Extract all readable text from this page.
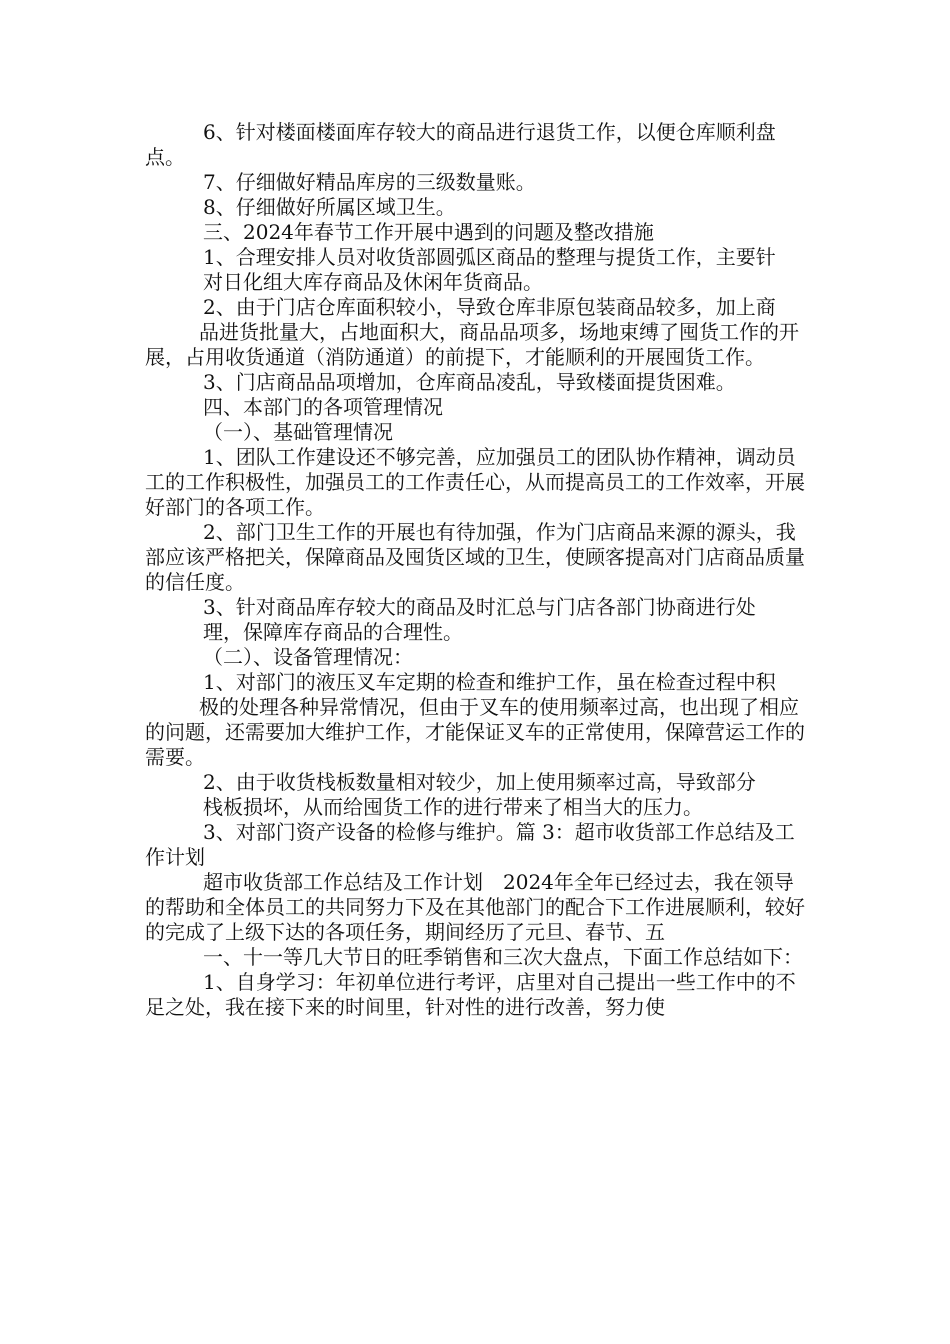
6、针对楼面楼面库存较大的商品进行退货工作，以便仓库顺利盘点。

7、仔细做好精品库房的三级数量账。

8、仔细做好所属区域卫生。

三、2024年春节工作开展中遇到的问题及整改措施

1、合理安排人员对收货部圆弧区商品的整理与提货工作，主要针

对日化组大库存商品及休闲年货商品。

2、由于门店仓库面积较小，导致仓库非原包装商品较多，加上商

品进货批量大，占地面积大，商品品项多，场地束缚了囤货工作的开展，占用收货通道（消防通道）的前提下，才能顺利的开展囤货工作。

3、门店商品品项增加，仓库商品凌乱，导致楼面提货困难。

四、本部门的各项管理情况

（一）、基础管理情况

1、团队工作建设还不够完善，应加强员工的团队协作精神，调动员工的工作积极性，加强员工的工作责任心，从而提高员工的工作效率，开展好部门的各项工作。

2、部门卫生工作的开展也有待加强，作为门店商品来源的源头，我部应该严格把关，保障商品及囤货区域的卫生，使顾客提高对门店商品质量的信任度。

3、针对商品库存较大的商品及时汇总与门店各部门协商进行处

理，保障库存商品的合理性。

（二）、设备管理情况：

1、对部门的液压叉车定期的检查和维护工作，虽在检查过程中积

极的处理各种异常情况，但由于叉车的使用频率过高，也出现了相应的问题，还需要加大维护工作，才能保证叉车的正常使用，保障营运工作的需要。

2、由于收货栈板数量相对较少，加上使用频率过高，导致部分

栈板损坏，从而给囤货工作的进行带来了相当大的压力。

3、对部门资产设备的检修与维护。篇 3：超市收货部工作总结及工作计划

超市收货部工作总结及工作计划　2024年全年已经过去，我在领导的帮助和全体员工的共同努力下及在其他部门的配合下工作进展顺利，较好的完成了上级下达的各项任务，期间经历了元旦、春节、五

一、十一等几大节日的旺季销售和三次大盘点，下面工作总结如下：

1、自身学习：年初单位进行考评，店里对自己提出一些工作中的不足之处，我在接下来的时间里，针对性的进行改善，努力使
